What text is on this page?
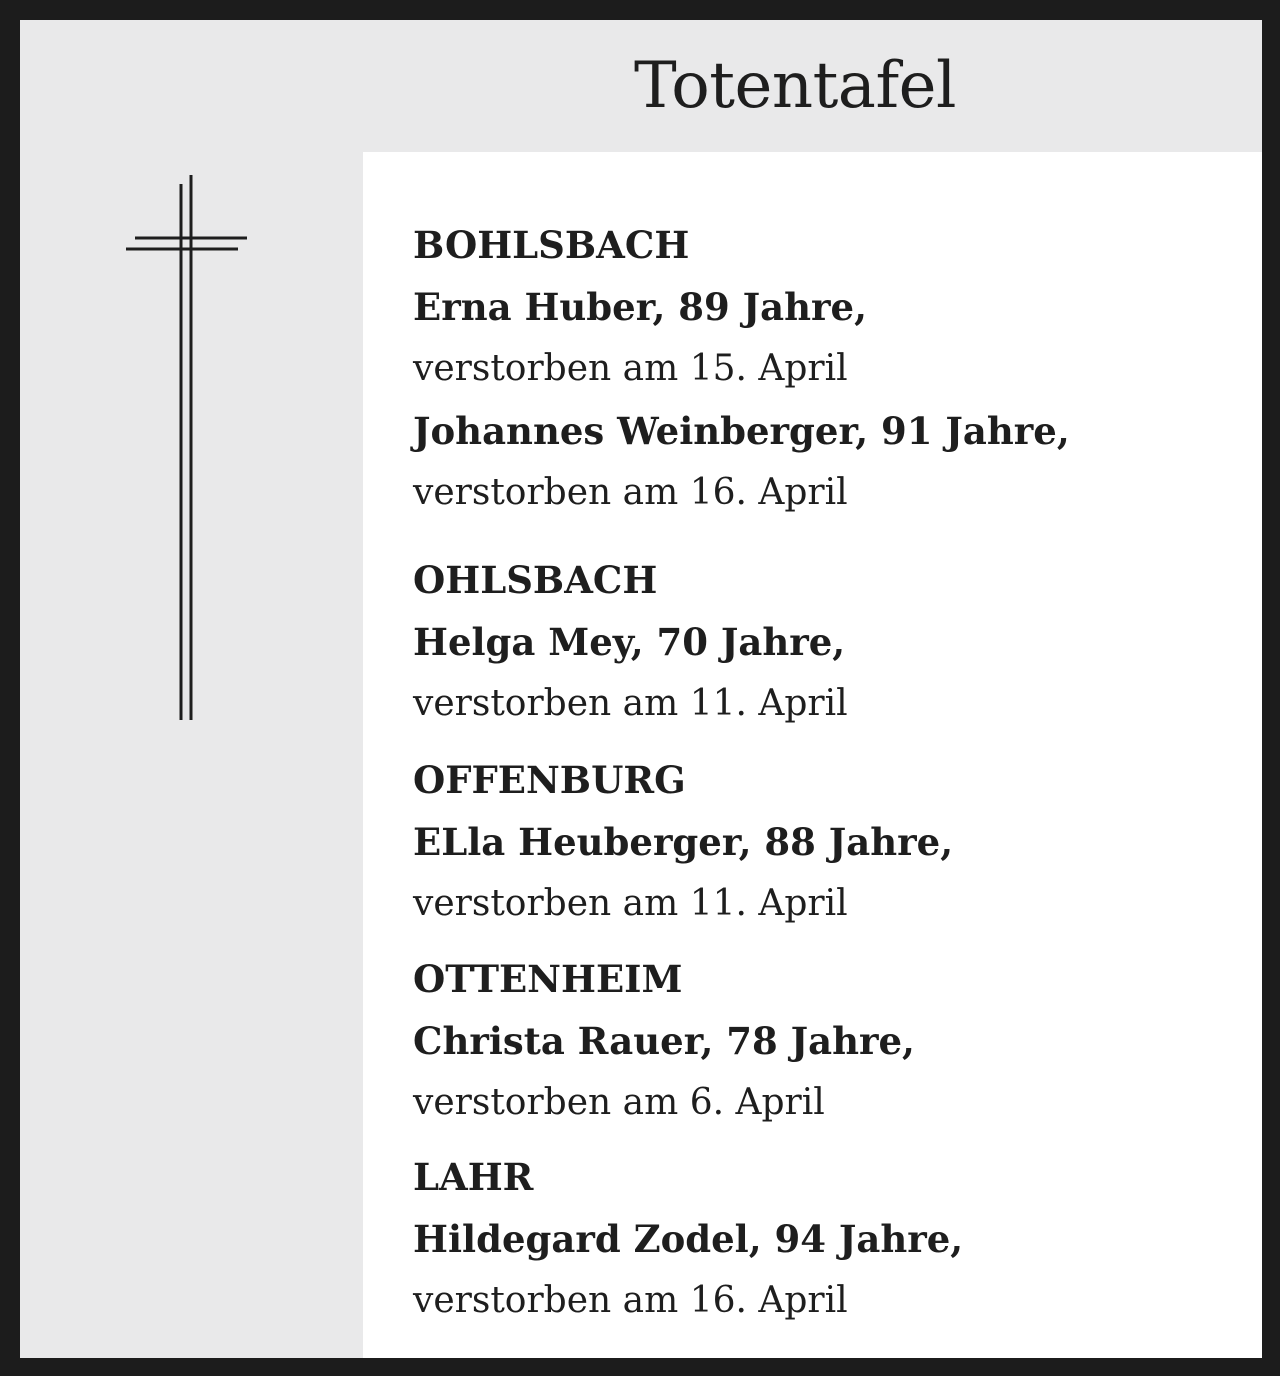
Totentafel
BOHLSBACH
Erna Huber, 89 Jahre,
verstorben am 15. April
Johannes Weinberger, 91 Jahre,
verstorben am 16. April
OHLSBACH
Helga Mey, 70 Jahre,
verstorben am 11. April
OFFENBURG
ELla Heuberger, 88 Jahre,
verstorben am 11. April
OTTENHEIM
Christa Rauer, 78 Jahre,
verstorben am 6. April
LAHR
Hildegard Zodel, 94 Jahre,
verstorben am 16. April
